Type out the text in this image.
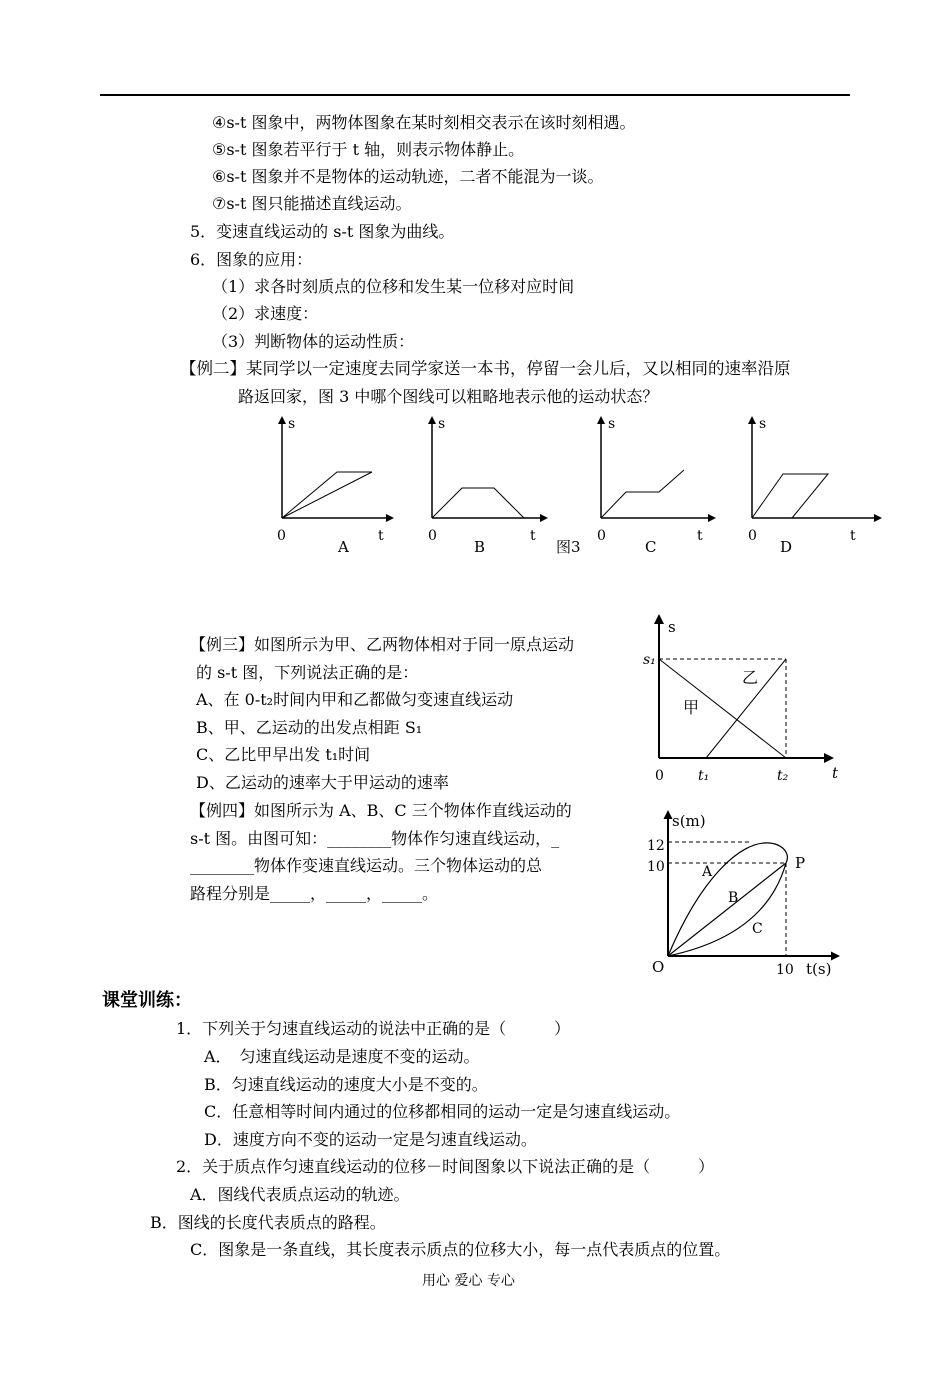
④s-t 图象中，两物体图象在某时刻相交表示在该时刻相遇。
⑤s-t 图象若平行于 t 轴，则表示物体静止。
⑥s-t 图象并不是物体的运动轨迹，二者不能混为一谈。
⑦s-t 图只能描述直线运动。
5．变速直线运动的 s-t 图象为曲线。
6．图象的应用：
（1）求各时刻质点的位移和发生某一位移对应时间
（2）求速度：
（3）判断物体的运动性质：
【例二】某同学以一定速度去同学家送一本书，停留一会儿后，又以相同的速率沿原
路返回家，图 3 中哪个图线可以粗略地表示他的运动状态？
s
0	t
A
s
0	t
B	图3
s
0	t
C
s
0	t
D
【例三】如图所示为甲、乙两物体相对于同一原点运动
的 s-t 图，下列说法正确的是：
A、在 0-t₂时间内甲和乙都做匀变速直线运动
B、甲、乙运动的出发点相距 S₁
C、乙比甲早出发 t₁时间
D、乙运动的速率大于甲运动的速率
s
s₁
乙
甲
0 t₁	t₂	t
【例四】如图所示为 A、B、C 三个物体作直线运动的
s-t 图。由图可知：________物体作匀速直线运动，_
________物体作变速直线运动。三个物体运动的总
路程分别是_____，_____，_____。
s(m)
12
10	A
B
C
P
O	10 t(s)
课堂训练：
1．下列关于匀速直线运动的说法中正确的是（　　　）
A．　匀速直线运动是速度不变的运动。
B．匀速直线运动的速度大小是不变的。
C．任意相等时间内通过的位移都相同的运动一定是匀速直线运动。
D．速度方向不变的运动一定是匀速直线运动。
2．关于质点作匀速直线运动的位移－时间图象以下说法正确的是（　　　）
A．图线代表质点运动的轨迹。
B．图线的长度代表质点的路程。
C．图象是一条直线，其长度表示质点的位移大小，每一点代表质点的位置。
用心 爱心 专心
